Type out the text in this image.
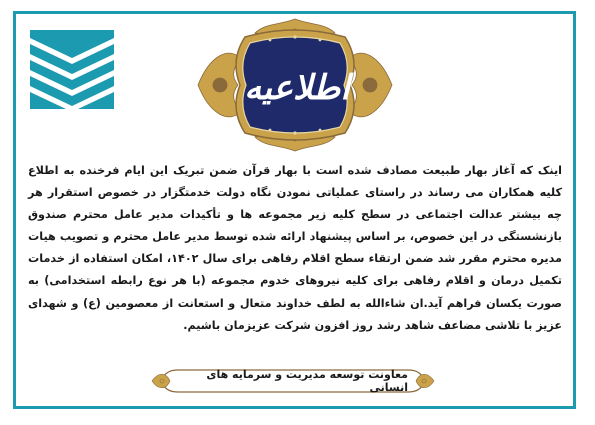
اطلاعیه
اینک که آغاز بهار طبیعت مصادف شده است با بهار قرآن ضمن تبریک این ایام فرخنده به اطلاع کلیه همکاران می رساند در راستای عملیاتی نمودن نگاه دولت خدمتگزار در خصوص استقرار هر چه بیشتر عدالت اجتماعی در سطح کلیه زیر مجموعه ها و تأکیدات مدیر عامل محترم صندوق بازنشستگی در این خصوص، بر اساس پیشنهاد ارائه شده توسط مدیر عامل محترم و تصویب هیات مدیره محترم مقرر شد ضمن ارتقاء سطح اقلام رفاهی برای سال ۱۴۰۲، امکان استفاده از خدمات تکمیل درمان و اقلام رفاهی برای کلیه نیروهای خدوم مجموعه (با هر نوع رابطه استخدامی) به صورت یکسان فراهم آید.ان شاءالله به لطف خداوند متعال و استعانت از معصومین (ع) و شهدای عزیز با تلاشی مضاعف شاهد رشد روز افزون شرکت عزیزمان باشیم.
معاونت توسعه مدیریت و سرمایه های انسانی
